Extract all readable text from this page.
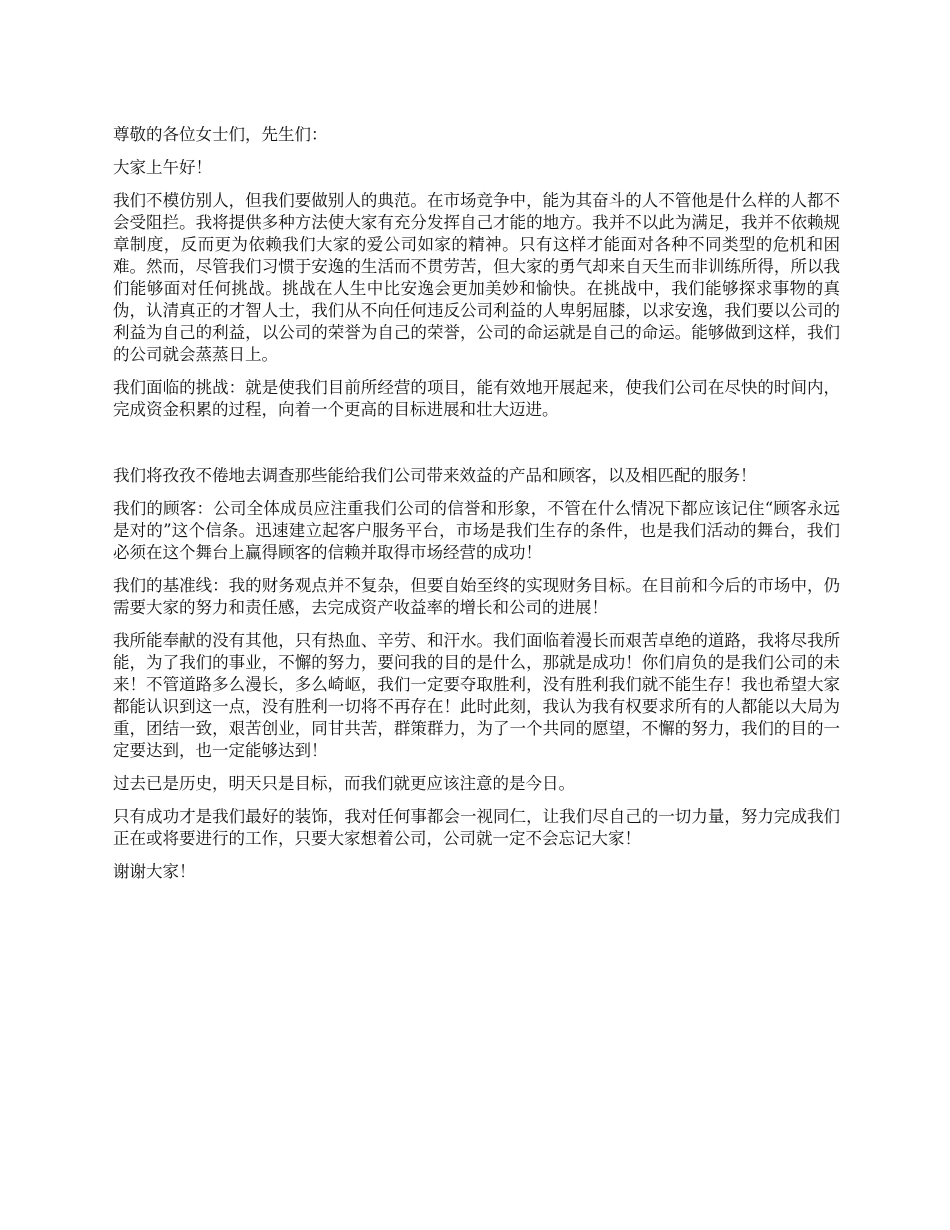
尊敬的各位女士们，先生们：

大家上午好！

我们不模仿别人，但我们要做别人的典范。在市场竞争中，能为其奋斗的人不管他是什么样的人都不会受阻拦。我将提供多种方法使大家有充分发挥自己才能的地方。我并不以此为满足，我并不依赖规章制度，反而更为依赖我们大家的爱公司如家的精神。只有这样才能面对各种不同类型的危机和困难。然而，尽管我们习惯于安逸的生活而不贯劳苦，但大家的勇气却来自天生而非训练所得，所以我们能够面对任何挑战。挑战在人生中比安逸会更加美妙和愉快。在挑战中，我们能够探求事物的真伪，认清真正的才智人士，我们从不向任何违反公司利益的人卑躬屈膝，以求安逸，我们要以公司的利益为自己的利益，以公司的荣誉为自己的荣誉，公司的命运就是自己的命运。能够做到这样，我们的公司就会蒸蒸日上。

我们面临的挑战：就是使我们目前所经营的项目，能有效地开展起来，使我们公司在尽快的时间内，完成资金积累的过程，向着一个更高的目标进展和壮大迈进。

我们将孜孜不倦地去调查那些能给我们公司带来效益的产品和顾客，以及相匹配的服务！

我们的顾客：公司全体成员应注重我们公司的信誉和形象，不管在什么情况下都应该记住“顾客永远是对的”这个信条。迅速建立起客户服务平台，市场是我们生存的条件，也是我们活动的舞台，我们必须在这个舞台上赢得顾客的信赖并取得市场经营的成功！

我们的基准线：我的财务观点并不复杂，但要自始至终的实现财务目标。在目前和今后的市场中，仍需要大家的努力和责任感，去完成资产收益率的增长和公司的进展！

我所能奉献的没有其他，只有热血、辛劳、和汗水。我们面临着漫长而艰苦卓绝的道路，我将尽我所能，为了我们的事业，不懈的努力，要问我的目的是什么，那就是成功！你们肩负的是我们公司的未来！不管道路多么漫长，多么崎岖，我们一定要夺取胜利，没有胜利我们就不能生存！我也希望大家都能认识到这一点，没有胜利一切将不再存在！此时此刻，我认为我有权要求所有的人都能以大局为重，团结一致，艰苦创业，同甘共苦，群策群力，为了一个共同的愿望，不懈的努力，我们的目的一定要达到，也一定能够达到！

过去已是历史，明天只是目标，而我们就更应该注意的是今日。

只有成功才是我们最好的装饰，我对任何事都会一视同仁，让我们尽自己的一切力量，努力完成我们正在或将要进行的工作，只要大家想着公司，公司就一定不会忘记大家！

谢谢大家！
